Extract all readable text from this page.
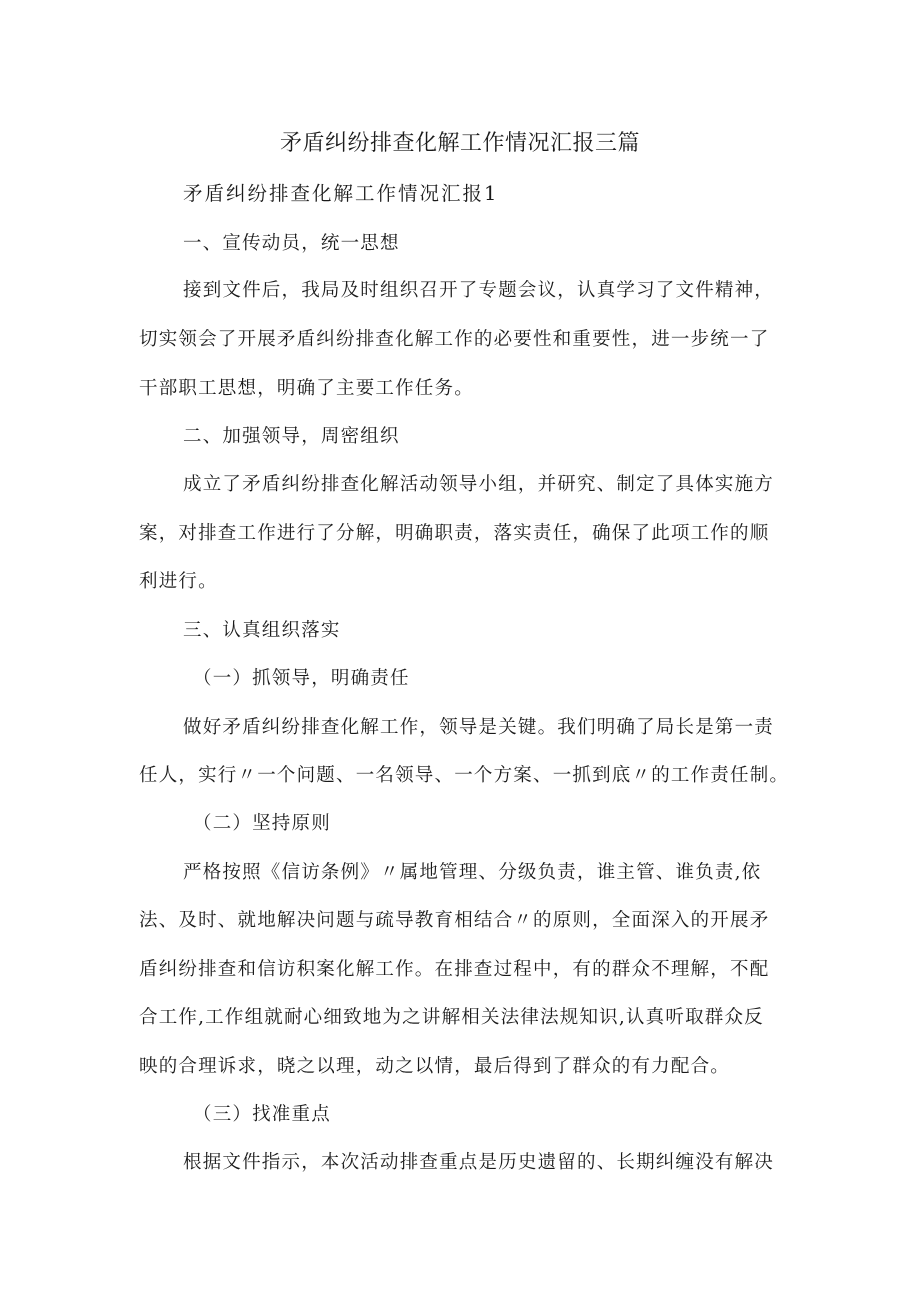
矛盾纠纷排查化解工作情况汇报三篇
矛盾纠纷排查化解工作情况汇报1
一、宣传动员，统一思想
接到文件后，我局及时组织召开了专题会议，认真学习了文件精神，
切实领会了开展矛盾纠纷排查化解工作的必要性和重要性，进一步统一了
干部职工思想，明确了主要工作任务。
二、加强领导，周密组织
成立了矛盾纠纷排查化解活动领导小组，并研究、制定了具体实施方
案，对排查工作进行了分解，明确职责，落实责任，确保了此项工作的顺
利进行。
三、认真组织落实
（一）抓领导，明确责任
做好矛盾纠纷排查化解工作，领导是关键。我们明确了局长是第一责
任人，实行〃一个问题、一名领导、一个方案、一抓到底〃的工作责任制。
（二）坚持原则
严格按照《信访条例》〃属地管理、分级负责，谁主管、谁负责,依
法、及时、就地解决问题与疏导教育相结合〃的原则，全面深入的开展矛
盾纠纷排查和信访积案化解工作。在排查过程中，有的群众不理解，不配
合工作,工作组就耐心细致地为之讲解相关法律法规知识,认真听取群众反
映的合理诉求，晓之以理，动之以情，最后得到了群众的有力配合。
（三）找准重点
根据文件指示，本次活动排查重点是历史遗留的、长期纠缠没有解决
